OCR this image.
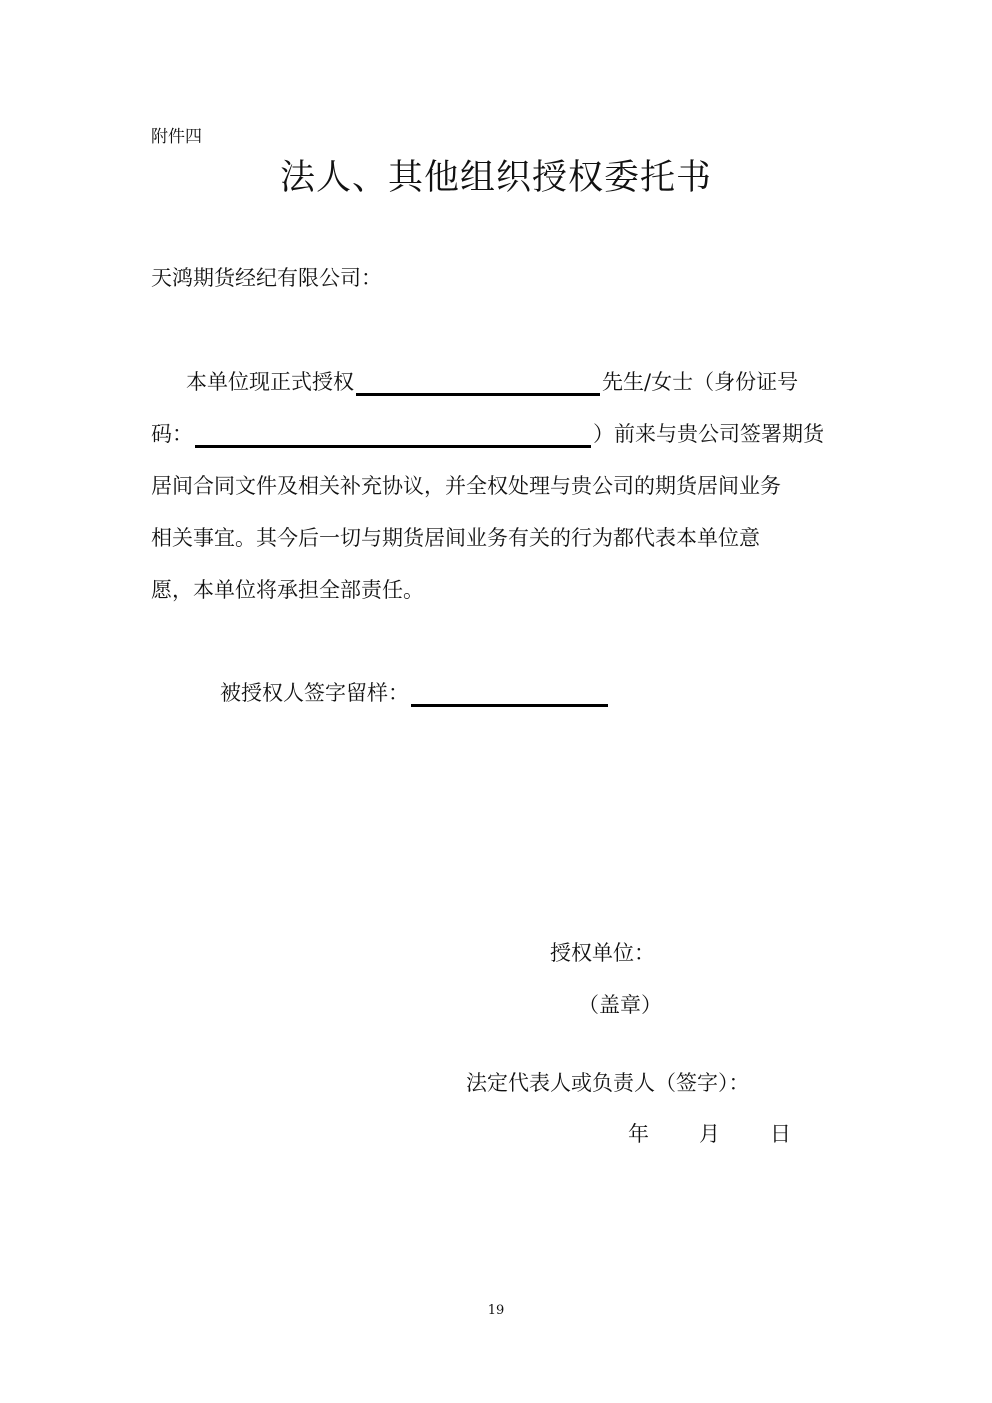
附件四
法人、其他组织授权委托书
天鸿期货经纪有限公司：
本单位现正式授权	先生/女士（身份证号
码：	）前来与贵公司签署期货
居间合同文件及相关补充协议，并全权处理与贵公司的期货居间业务
相关事宜。其今后一切与期货居间业务有关的行为都代表本单位意
愿，本单位将承担全部责任。
被授权人签字留样：
授权单位：
（盖章）
法定代表人或负责人（签字）：
年 月 日
19
